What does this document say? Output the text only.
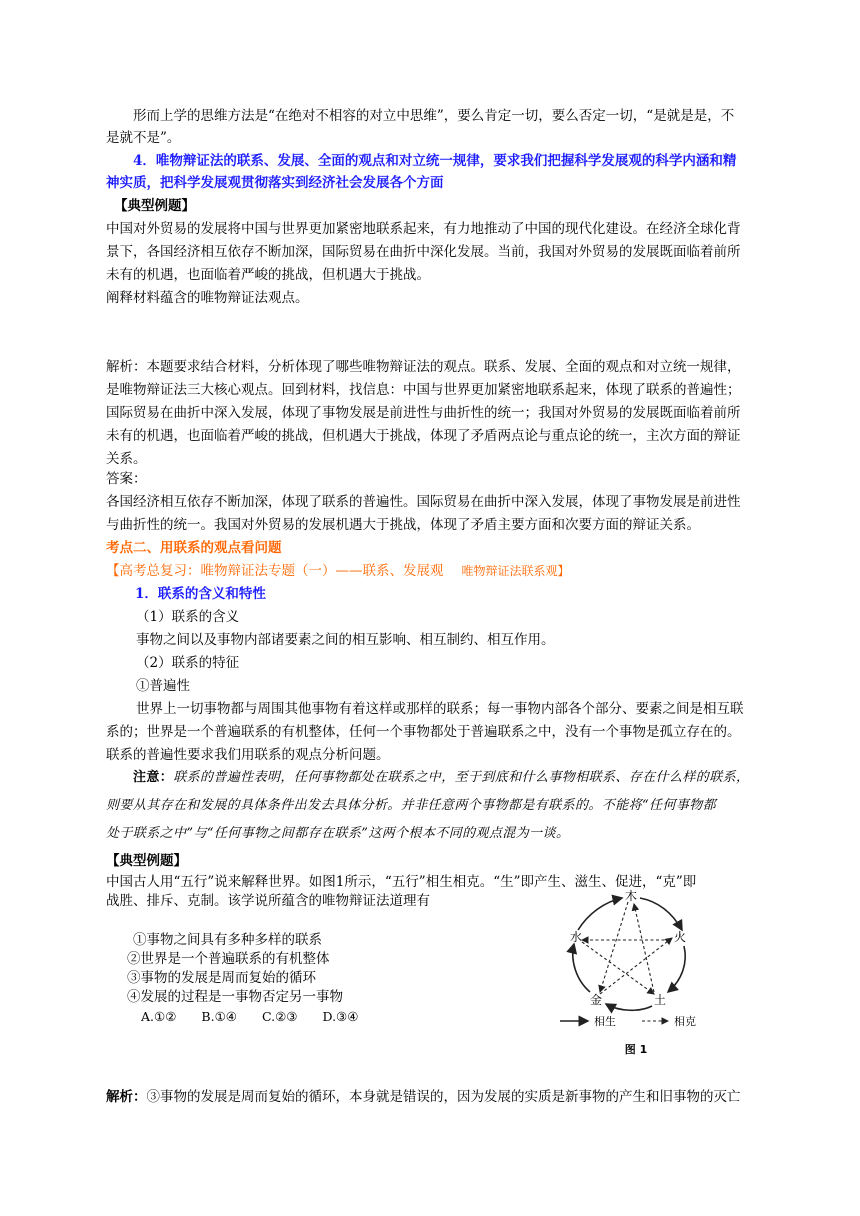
形而上学的思维方法是“在绝对不相容的对立中思维”，要么肯定一切，要么否定一切，“是就是是，不
是就不是”。
4．唯物辩证法的联系、发展、全面的观点和对立统一规律，要求我们把握科学发展观的科学内涵和精
神实质，把科学发展观贯彻落实到经济社会发展各个方面
【典型例题】
中国对外贸易的发展将中国与世界更加紧密地联系起来，有力地推动了中国的现代化建设。在经济全球化背
景下，各国经济相互依存不断加深，国际贸易在曲折中深化发展。当前，我国对外贸易的发展既面临着前所
未有的机遇，也面临着严峻的挑战，但机遇大于挑战。
阐释材料蕴含的唯物辩证法观点。
解析：本题要求结合材料，分析体现了哪些唯物辩证法的观点。联系、发展、全面的观点和对立统一规律，
是唯物辩证法三大核心观点。回到材料，找信息：中国与世界更加紧密地联系起来，体现了联系的普遍性；
国际贸易在曲折中深入发展，体现了事物发展是前进性与曲折性的统一；我国对外贸易的发展既面临着前所
未有的机遇，也面临着严峻的挑战，但机遇大于挑战，体现了矛盾两点论与重点论的统一，主次方面的辩证
关系。
答案：
各国经济相互依存不断加深，体现了联系的普遍性。国际贸易在曲折中深入发展，体现了事物发展是前进性
与曲折性的统一。我国对外贸易的发展机遇大于挑战，体现了矛盾主要方面和次要方面的辩证关系。
考点二、用联系的观点看问题
【高考总复习：唯物辩证法专题（一）——联系、发展观 唯物辩证法联系观】
1．联系的含义和特性
（1）联系的含义
事物之间以及事物内部诸要素之间的相互影响、相互制约、相互作用。
（2）联系的特征
①普遍性
世界上一切事物都与周围其他事物有着这样或那样的联系；每一事物内部各个部分、要素之间是相互联
系的；世界是一个普遍联系的有机整体，任何一个事物都处于普遍联系之中，没有一个事物是孤立存在的。
联系的普遍性要求我们用联系的观点分析问题。
注意：联系的普遍性表明，任何事物都处在联系之中，至于到底和什么事物相联系、存在什么样的联系，
则要从其存在和发展的具体条件出发去具体分析。并非任意两个事物都是有联系的。不能将“任何事物都
处于联系之中”与“任何事物之间都存在联系”这两个根本不同的观点混为一谈。
【典型例题】
中国古人用“五行”说来解释世界。如图1所示，“五行”相生相克。“生”即产生、滋生、促进，“克”即
战胜、排斥、克制。该学说所蕴含的唯物辩证法道理有
①事物之间具有多种多样的联系
②世界是一个普遍联系的有机整体
③事物的发展是周而复始的循环
④发展的过程是一事物否定另一事物
A.①②　　B.①④　　C.②③　　D.③④
木
火
土
金
水
相生	相克
图 1
解析：③事物的发展是周而复始的循环，本身就是错误的，因为发展的实质是新事物的产生和旧事物的灭亡
